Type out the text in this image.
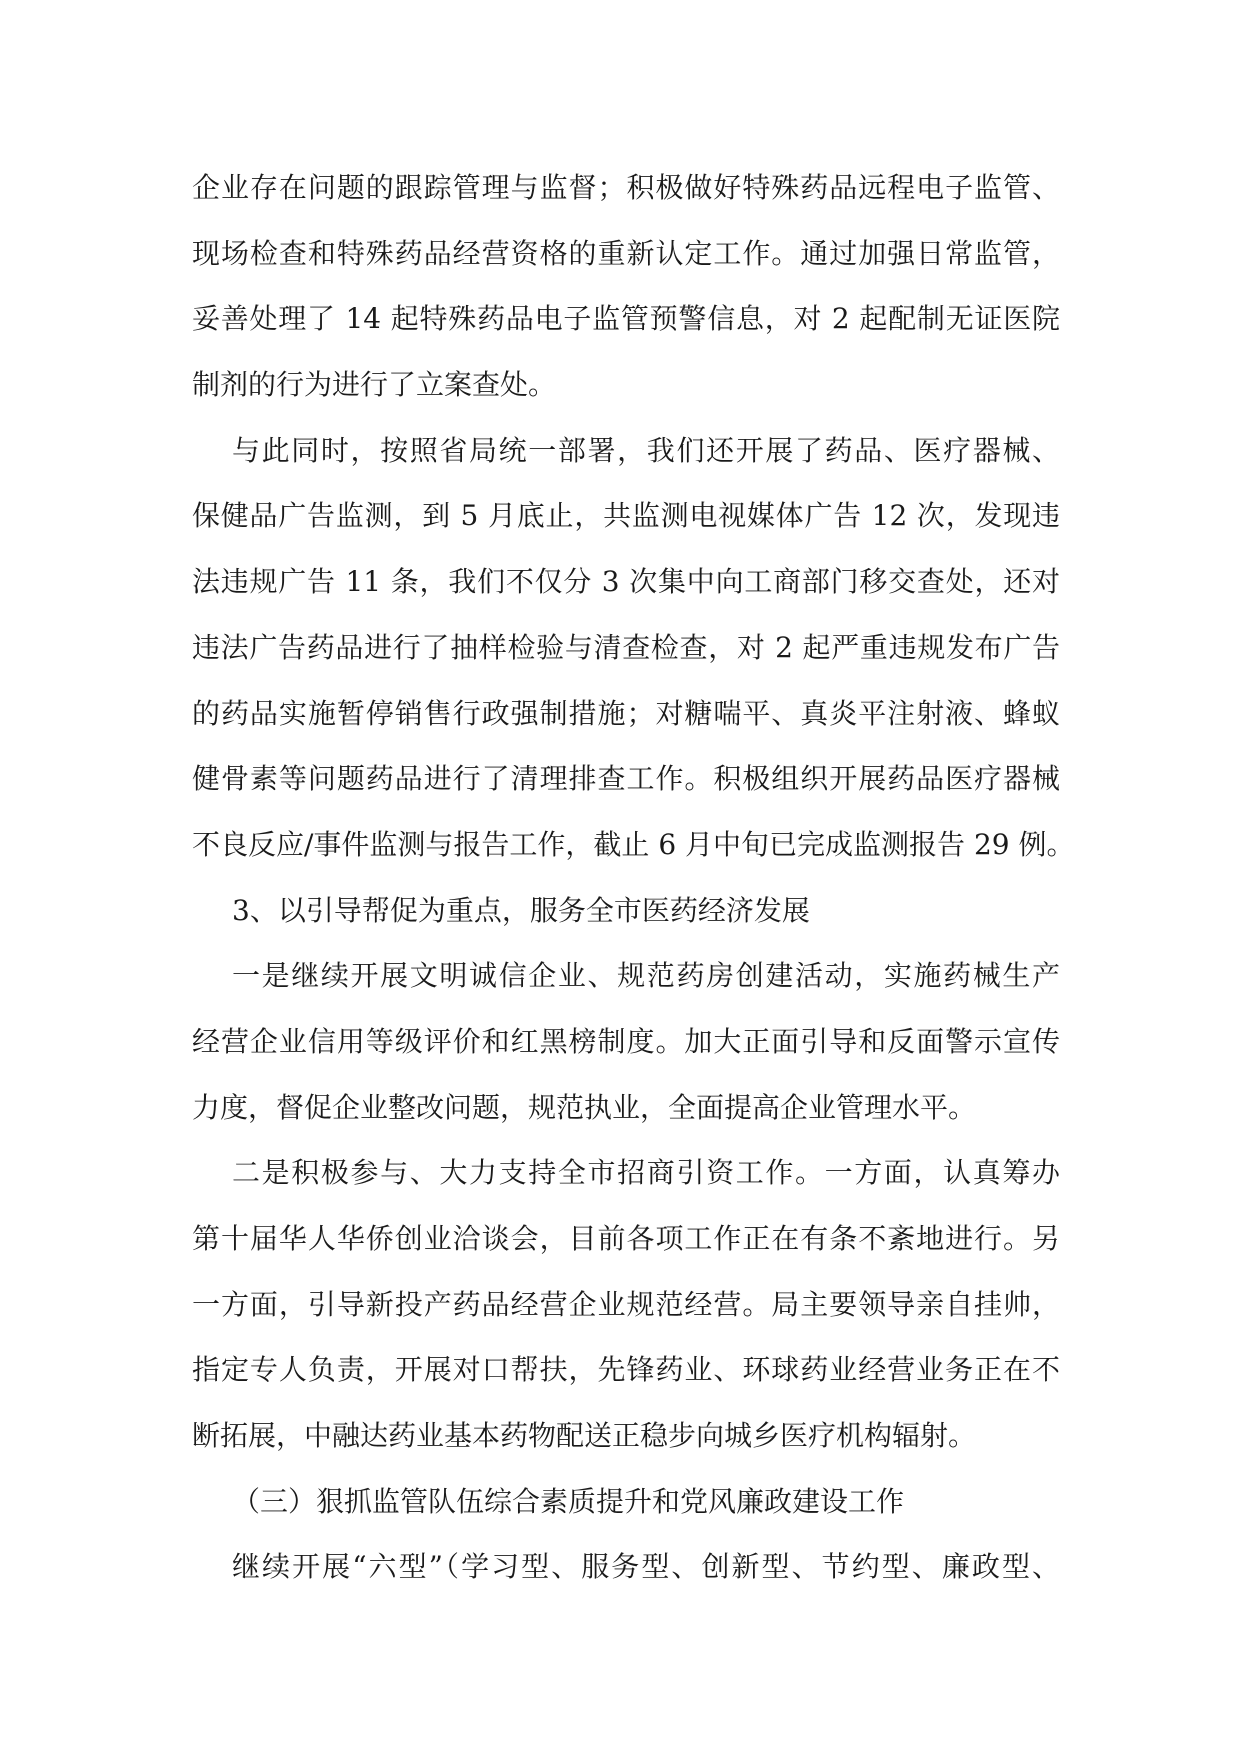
企业存在问题的跟踪管理与监督；积极做好特殊药品远程电子监管、
现场检查和特殊药品经营资格的重新认定工作。通过加强日常监管，
妥善处理了 14 起特殊药品电子监管预警信息，对 2 起配制无证医院
制剂的行为进行了立案查处。
与此同时，按照省局统一部署，我们还开展了药品、医疗器械、
保健品广告监测，到 5 月底止，共监测电视媒体广告 12 次，发现违
法违规广告 11 条，我们不仅分 3 次集中向工商部门移交查处，还对
违法广告药品进行了抽样检验与清查检查，对 2 起严重违规发布广告
的药品实施暂停销售行政强制措施；对糖喘平、真炎平注射液、蜂蚁
健骨素等问题药品进行了清理排查工作。积极组织开展药品医疗器械
不良反应/事件监测与报告工作，截止 6 月中旬已完成监测报告 29 例。
3、以引导帮促为重点，服务全市医药经济发展
一是继续开展文明诚信企业、规范药房创建活动，实施药械生产
经营企业信用等级评价和红黑榜制度。加大正面引导和反面警示宣传
力度，督促企业整改问题，规范执业，全面提高企业管理水平。
二是积极参与、大力支持全市招商引资工作。一方面，认真筹办
第十届华人华侨创业洽谈会，目前各项工作正在有条不紊地进行。另
一方面，引导新投产药品经营企业规范经营。局主要领导亲自挂帅，
指定专人负责，开展对口帮扶，先锋药业、环球药业经营业务正在不
断拓展，中融达药业基本药物配送正稳步向城乡医疗机构辐射。
（三）狠抓监管队伍综合素质提升和党风廉政建设工作
继续开展“六型”（学习型、服务型、创新型、节约型、廉政型、
